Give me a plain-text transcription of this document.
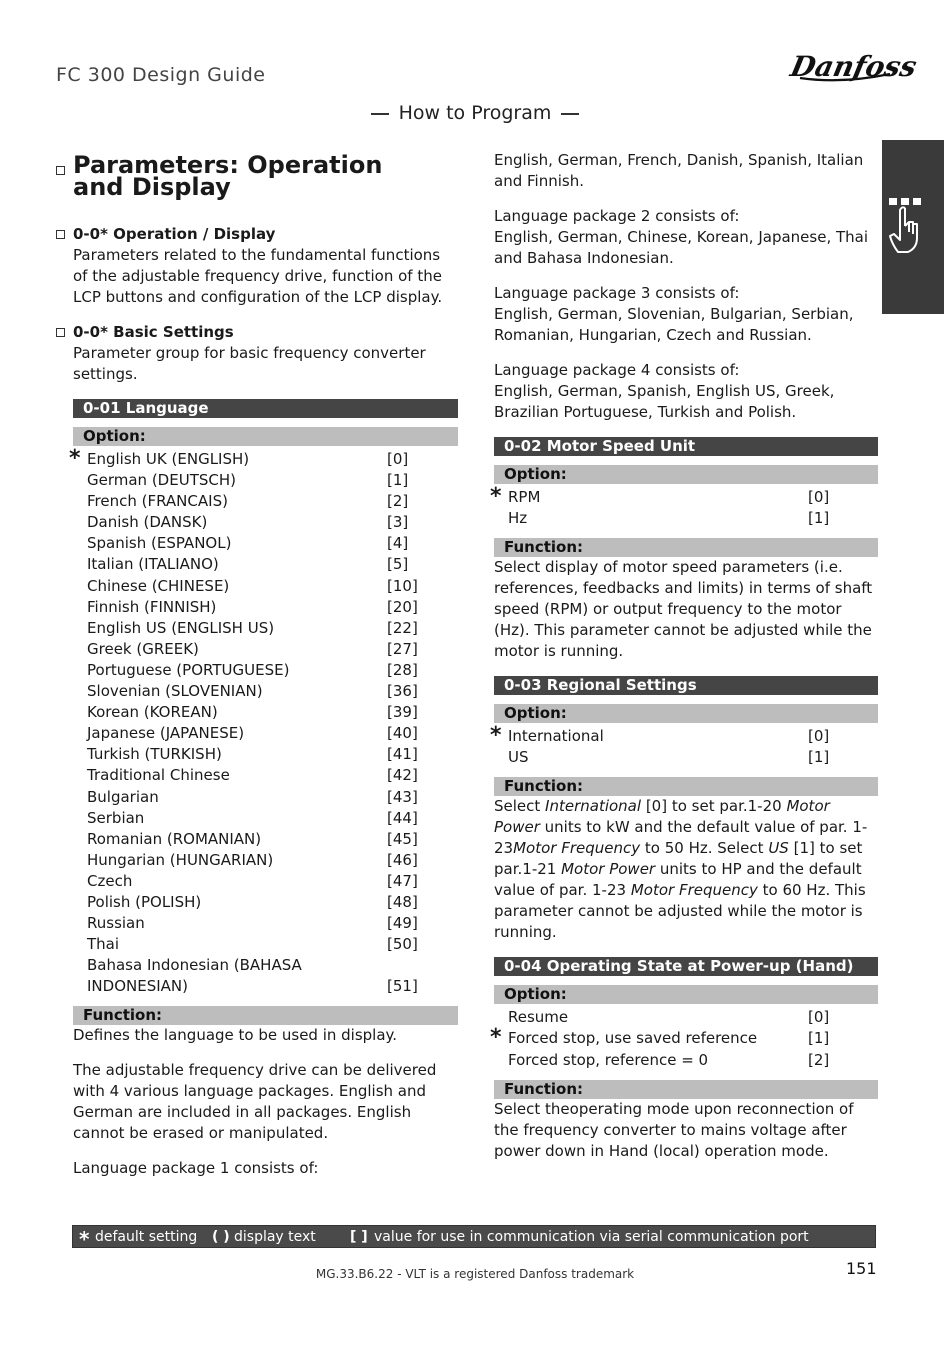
FC 300 Design Guide	Danfoss
How to Program
Parameters: Operation
and Display
0-0* Operation / Display
Parameters related to the fundamental functions of the adjustable frequency drive, function of the LCP buttons and configuration of the LCP display.
0-0* Basic Settings
Parameter group for basic frequency converter settings.
0-01 Language
Option:
* English UK (ENGLISH)	[0]
German (DEUTSCH)	[1]
French (FRANCAIS)	[2]
Danish (DANSK)	[3]
Spanish (ESPANOL)	[4]
Italian (ITALIANO)	[5]
Chinese (CHINESE)	[10]
Finnish (FINNISH)	[20]
English US (ENGLISH US)	[22]
Greek (GREEK)	[27]
Portuguese (PORTUGUESE)	[28]
Slovenian (SLOVENIAN)	[36]
Korean (KOREAN)	[39]
Japanese (JAPANESE)	[40]
Turkish (TURKISH)	[41]
Traditional Chinese	[42]
Bulgarian	[43]
Serbian	[44]
Romanian (ROMANIAN)	[45]
Hungarian (HUNGARIAN)	[46]
Czech	[47]
Polish (POLISH)	[48]
Russian	[49]
Thai	[50]
Bahasa Indonesian (BAHASA
INDONESIAN)	[51]
Function:
Defines the language to be used in display.
The adjustable frequency drive can be delivered with 4 various language packages. English and German are included in all packages. English cannot be erased or manipulated.
Language package 1 consists of:
English, German, French, Danish, Spanish, Italian and Finnish.
Language package 2 consists of:
English, German, Chinese, Korean, Japanese, Thai and Bahasa Indonesian.
Language package 3 consists of:
English, German, Slovenian, Bulgarian, Serbian, Romanian, Hungarian, Czech and Russian.
Language package 4 consists of:
English, German, Spanish, English US, Greek, Brazilian Portuguese, Turkish and Polish.
0-02 Motor Speed Unit
Option:
* RPM	[0]
Hz	[1]
Function:
Select display of motor speed parameters (i.e. references, feedbacks and limits) in terms of shaft speed (RPM) or output frequency to the motor (Hz). This parameter cannot be adjusted while the motor is running.
0-03 Regional Settings
Option:
* International	[0]
US	[1]
Function:
Select International [0] to set par.1-20 Motor Power units to kW and the default value of par. 1-23Motor Frequency to 50 Hz. Select US [1] to set par.1-21 Motor Power units to HP and the default value of par. 1-23 Motor Frequency to 60 Hz. This parameter cannot be adjusted while the motor is running.
0-04 Operating State at Power-up (Hand)
Option:
Resume	[0]
* Forced stop, use saved reference	[1]
Forced stop, reference = 0	[2]
Function:
Select theoperating mode upon reconnection of the frequency converter to mains voltage after power down in Hand (local) operation mode.
* default setting ( ) display text [ ] value for use in communication via serial communication port
MG.33.B6.22 - VLT is a registered Danfoss trademark	151
